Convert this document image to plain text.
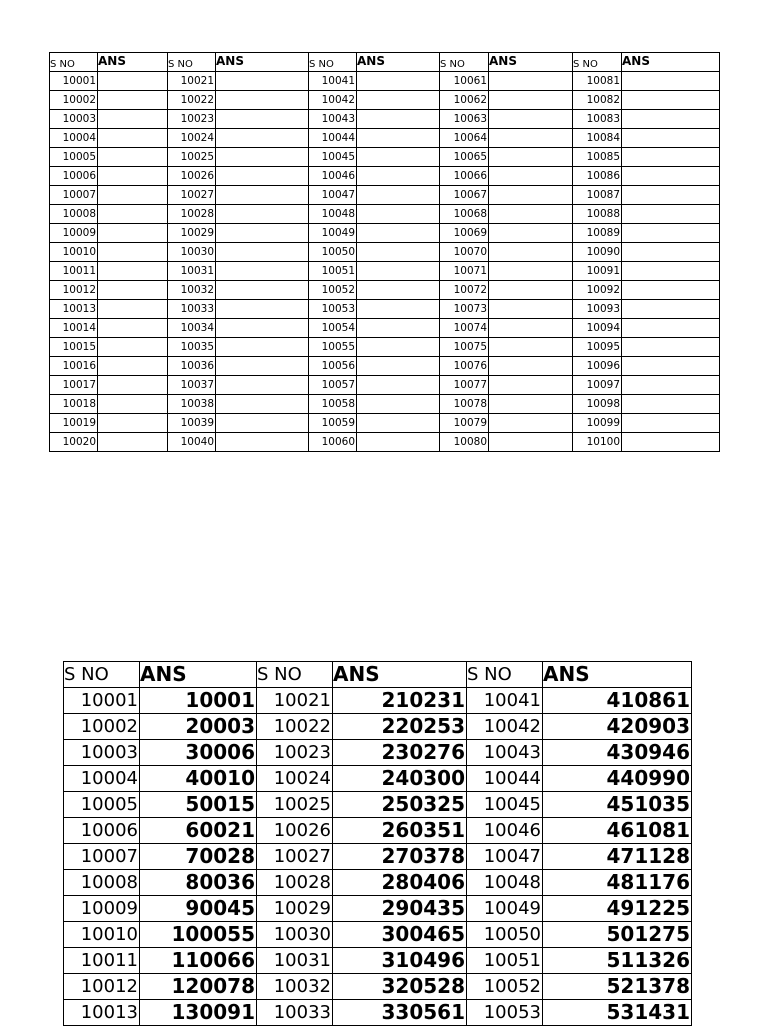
S NO	ANS	S NO	ANS	S NO	ANS	S NO	ANS	S NO	ANS
10001		10021		10041		10061		10081	
10002		10022		10042		10062		10082	
10003		10023		10043		10063		10083	
10004		10024		10044		10064		10084	
10005		10025		10045		10065		10085	
10006		10026		10046		10066		10086	
10007		10027		10047		10067		10087	
10008		10028		10048		10068		10088	
10009		10029		10049		10069		10089	
10010		10030		10050		10070		10090	
10011		10031		10051		10071		10091	
10012		10032		10052		10072		10092	
10013		10033		10053		10073		10093	
10014		10034		10054		10074		10094	
10015		10035		10055		10075		10095	
10016		10036		10056		10076		10096	
10017		10037		10057		10077		10097	
10018		10038		10058		10078		10098	
10019		10039		10059		10079		10099	
10020		10040		10060		10080		10100	
S NO	ANS	S NO	ANS	S NO	ANS
10001	10001	10021	210231	10041	410861
10002	20003	10022	220253	10042	420903
10003	30006	10023	230276	10043	430946
10004	40010	10024	240300	10044	440990
10005	50015	10025	250325	10045	451035
10006	60021	10026	260351	10046	461081
10007	70028	10027	270378	10047	471128
10008	80036	10028	280406	10048	481176
10009	90045	10029	290435	10049	491225
10010	100055	10030	300465	10050	501275
10011	110066	10031	310496	10051	511326
10012	120078	10032	320528	10052	521378
10013	130091	10033	330561	10053	531431
